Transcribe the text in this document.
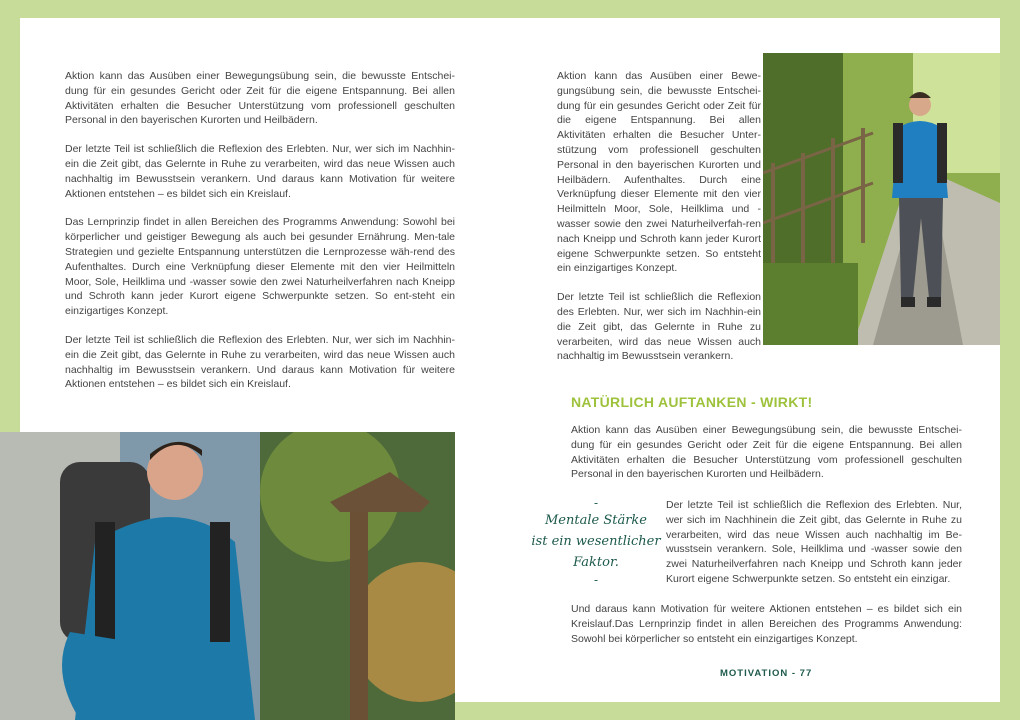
Aktion kann das Ausüben einer Bewegungsübung sein, die bewusste Entschei-dung für ein gesundes Gericht oder Zeit für die eigene Entspannung. Bei allen Aktivitäten erhalten die Besucher Unterstützung vom professionell geschulten Personal in den bayerischen Kurorten und Heilbädern.

Der letzte Teil ist schließlich die Reflexion des Erlebten. Nur, wer sich im Nachhin-ein die Zeit gibt, das Gelernte in Ruhe zu verarbeiten, wird das neue Wissen auch nachhaltig im Bewusstsein verankern. Und daraus kann Motivation für weitere Aktionen entstehen – es bildet sich ein Kreislauf.

Das Lernprinzip findet in allen Bereichen des Programms Anwendung: Sowohl bei körperlicher und geistiger Bewegung als auch bei gesunder Ernährung. Men-tale Strategien und gezielte Entspannung unterstützen die Lernprozesse wäh-rend des Aufenthaltes. Durch eine Verknüpfung dieser Elemente mit den vier Heilmitteln Moor, Sole, Heilklima und -wasser sowie den zwei Naturheilverfahren nach Kneipp und Schroth kann jeder Kurort eigene Schwerpunkte setzen. So ent-steht ein einzigartiges Konzept.

Der letzte Teil ist schließlich die Reflexion des Erlebten. Nur, wer sich im Nachhin-ein die Zeit gibt, das Gelernte in Ruhe zu verarbeiten, wird das neue Wissen auch nachhaltig im Bewusstsein verankern. Und daraus kann Motivation für weitere Aktionen entstehen – es bildet sich ein Kreislauf.

Aktion kann das Ausüben einer Bewe-gungsübung sein, die bewusste Entschei-dung für ein gesundes Gericht oder Zeit für die eigene Entspannung. Bei allen Aktivitäten erhalten die Besucher Unter-stützung vom professionell geschulten Personal in den bayerischen Kurorten und Heilbädern. Aufenthaltes. Durch eine Verknüpfung dieser Elemente mit den vier Heilmitteln Moor, Sole, Heilklima und -wasser sowie den zwei Naturheilverfah-ren nach Kneipp und Schroth kann jeder Kurort eigene Schwerpunkte setzen. So entsteht ein einzigartiges Konzept.

Der letzte Teil ist schließlich die Reflexion des Erlebten. Nur, wer sich im Nachhin-ein die Zeit gibt, das Gelernte in Ruhe zu verarbeiten, wird das neue Wissen auch nachhaltig im Bewusstsein verankern.

NATÜRLICH AUFTANKEN - WIRKT!
Aktion kann das Ausüben einer Bewegungsübung sein, die bewusste Entschei-dung für ein gesundes Gericht oder Zeit für die eigene Entspannung. Bei allen Aktivitäten erhalten die Besucher Unterstützung vom professionell geschulten Personal in den bayerischen Kurorten und Heilbädern.
-
Mentale Stärke
ist ein wesentlicher
Faktor.
-
Der letzte Teil ist schließlich die Reflexion des Erlebten. Nur, wer sich im Nachhinein die Zeit gibt, das Gelernte in Ruhe zu verarbeiten, wird das neue Wissen auch nachhaltig im Be-wusstsein verankern. Sole, Heilklima und -wasser sowie den zwei Naturheilverfahren nach Kneipp und Schroth kann jeder Kurort eigene Schwerpunkte setzen. So entsteht ein einzigar.
Und daraus kann Motivation für weitere Aktionen entstehen – es bildet sich ein Kreislauf.Das Lernprinzip findet in allen Bereichen des Programms Anwendung: Sowohl bei körperlicher so entsteht ein einzigartiges Konzept.
MOTIVATION - 77
